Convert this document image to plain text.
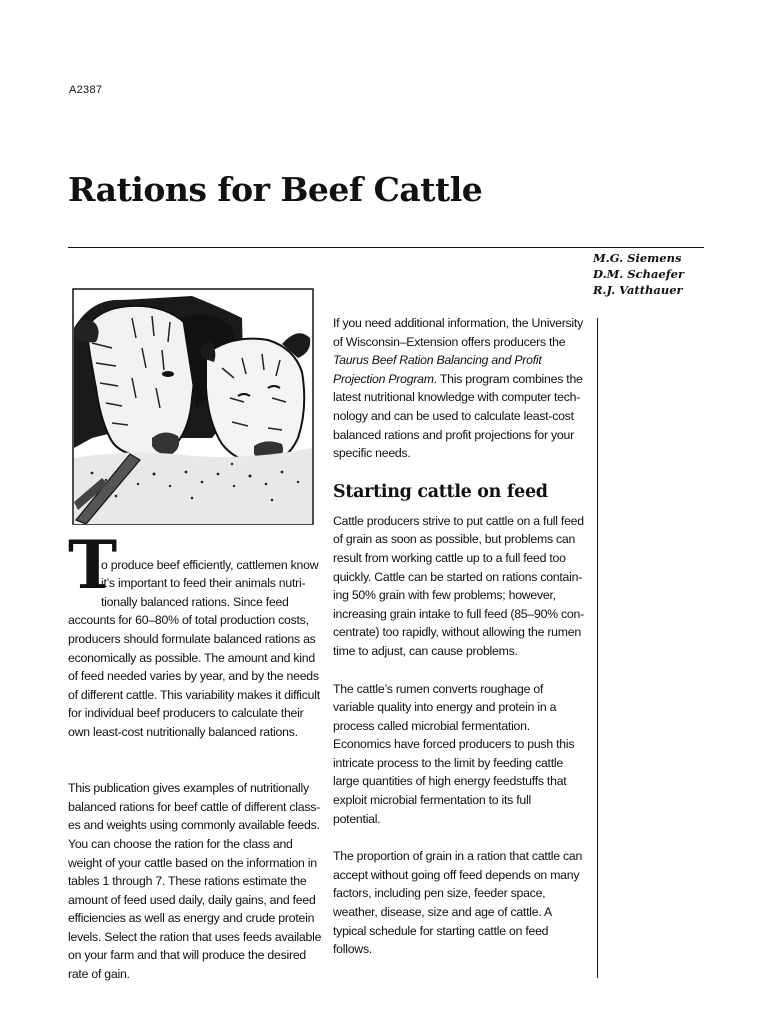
A2387
Rations for Beef Cattle
M.G. Siemens
D.M. Schaefer
R.J. Vatthauer

T
o produce beef efficiently, cattlemen know
it’s important to feed their animals nutri-
tionally balanced rations. Since feed
accounts for 60–80% of total production costs,
producers should formulate balanced rations as
economically as possible. The amount and kind
of feed needed varies by year, and by the needs
of different cattle. This variability makes it difficult
for individual beef producers to calculate their
own least-cost nutritionally balanced rations.

This publication gives examples of nutritionally
balanced rations for beef cattle of different class-
es and weights using commonly available feeds.
You can choose the ration for the class and
weight of your cattle based on the information in
tables 1 through 7. These rations estimate the
amount of feed used daily, daily gains, and feed
efficiencies as well as energy and crude protein
levels. Select the ration that uses feeds available
on your farm and that will produce the desired
rate of gain.

If you need additional information, the University
of Wisconsin–Extension offers producers the
Taurus Beef Ration Balancing and Profit
Projection Program. This program combines the
latest nutritional knowledge with computer tech-
nology and can be used to calculate least-cost
balanced rations and profit projections for your
specific needs.

Starting cattle on feed

Cattle producers strive to put cattle on a full feed
of grain as soon as possible, but problems can
result from working cattle up to a full feed too
quickly. Cattle can be started on rations contain-
ing 50% grain with few problems; however,
increasing grain intake to full feed (85–90% con-
centrate) too rapidly, without allowing the rumen
time to adjust, can cause problems.

The cattle’s rumen converts roughage of
variable quality into energy and protein in a
process called microbial fermentation.
Economics have forced producers to push this
intricate process to the limit by feeding cattle
large quantities of high energy feedstuffs that
exploit microbial fermentation to its full
potential.

The proportion of grain in a ration that cattle can
accept without going off feed depends on many
factors, including pen size, feeder space,
weather, disease, size and age of cattle. A
typical schedule for starting cattle on feed
follows.
